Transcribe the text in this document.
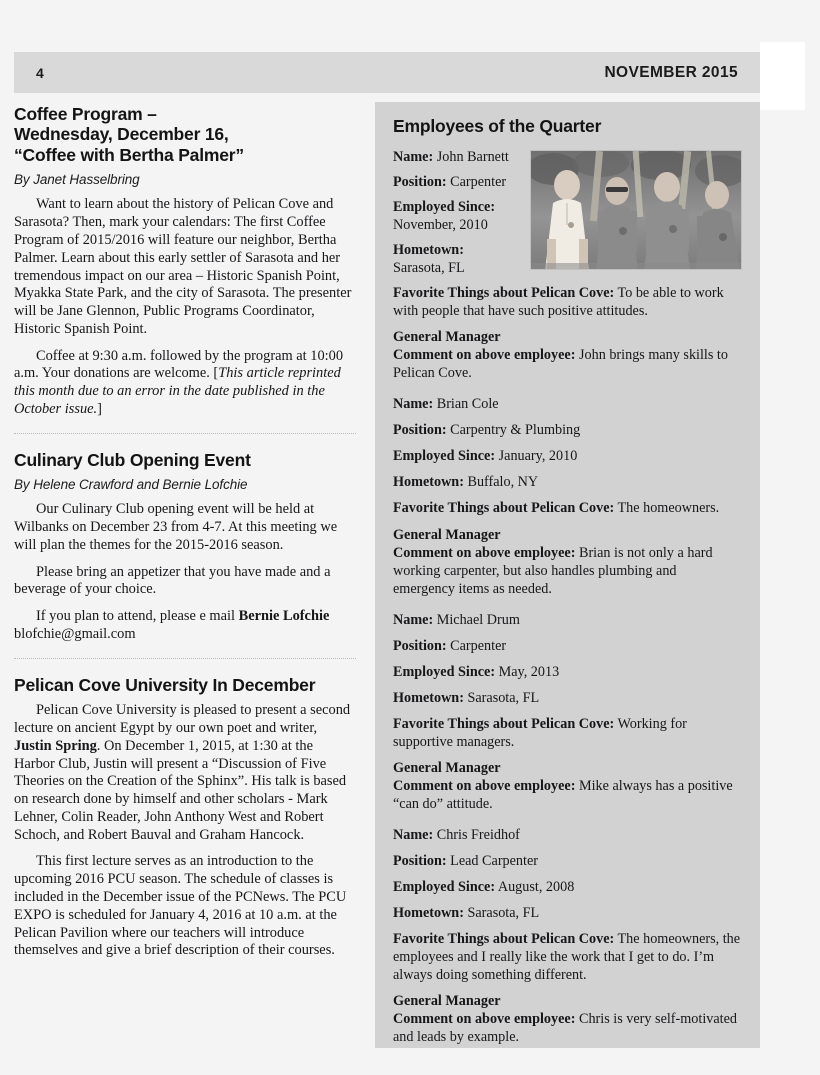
4	NOVEMBER 2015
Coffee Program –
Wednesday, December 16,
“Coffee with Bertha Palmer”

By Janet Hasselbring

Want to learn about the history of Pelican Cove and Sarasota? Then, mark your calendars: The first Coffee Program of 2015/2016 will feature our neighbor, Bertha Palmer. Learn about this early settler of Sarasota and her tremendous impact on our area – Historic Spanish Point, Myakka State Park, and the city of Sarasota. The presenter will be Jane Glennon, Public Programs Coordinator, Historic Spanish Point.

Coffee at 9:30 a.m. followed by the program at 10:00 a.m. Your donations are welcome. [This article reprinted this month due to an error in the date published in the October issue.]

Culinary Club Opening Event

By Helene Crawford and Bernie Lofchie

Our Culinary Club opening event will be held at Wilbanks on December 23 from 4-7. At this meeting we will plan the themes for the 2015-2016 season.

Please bring an appetizer that you have made and a beverage of your choice.

If you plan to attend, please e mail Bernie Lofchie
blofchie@gmail.com

Pelican Cove University In December

Pelican Cove University is pleased to present a second lecture on ancient Egypt by our own poet and writer, Justin Spring. On December 1, 2015, at 1:30 at the Harbor Club, Justin will present a “Discussion of Five Theories on the Creation of the Sphinx”. His talk is based on research done by himself and other scholars - Mark Lehner, Colin Reader, John Anthony West and Robert Schoch, and Robert Bauval and Graham Hancock.

This first lecture serves as an introduction to the upcoming 2016 PCU season. The schedule of classes is included in the December issue of the PCNews. The PCU EXPO is scheduled for January 4, 2016 at 10 a.m. at the Pelican Pavilion where our teachers will introduce themselves and give a brief description of their courses.

Employees of the Quarter

Name: John Barnett

Position: Carpenter

Employed Since:
November, 2010

Hometown:
Sarasota, FL

Favorite Things about Pelican Cove: To be able to work with people that have such positive attitudes.

General Manager
Comment on above employee: John brings many skills to Pelican Cove.

Name: Brian Cole

Position: Carpentry & Plumbing

Employed Since: January, 2010

Hometown: Buffalo, NY

Favorite Things about Pelican Cove: The homeowners.

General Manager
Comment on above employee: Brian is not only a hard working carpenter, but also handles plumbing and emergency items as needed.

Name: Michael Drum

Position: Carpenter

Employed Since: May, 2013

Hometown: Sarasota, FL

Favorite Things about Pelican Cove: Working for supportive managers.

General Manager
Comment on above employee: Mike always has a positive “can do” attitude.

Name: Chris Freidhof

Position: Lead Carpenter

Employed Since: August, 2008

Hometown: Sarasota, FL

Favorite Things about Pelican Cove: The homeowners, the employees and I really like the work that I get to do. I’m always doing something different.

General Manager
Comment on above employee: Chris is very self-motivated and leads by example.
